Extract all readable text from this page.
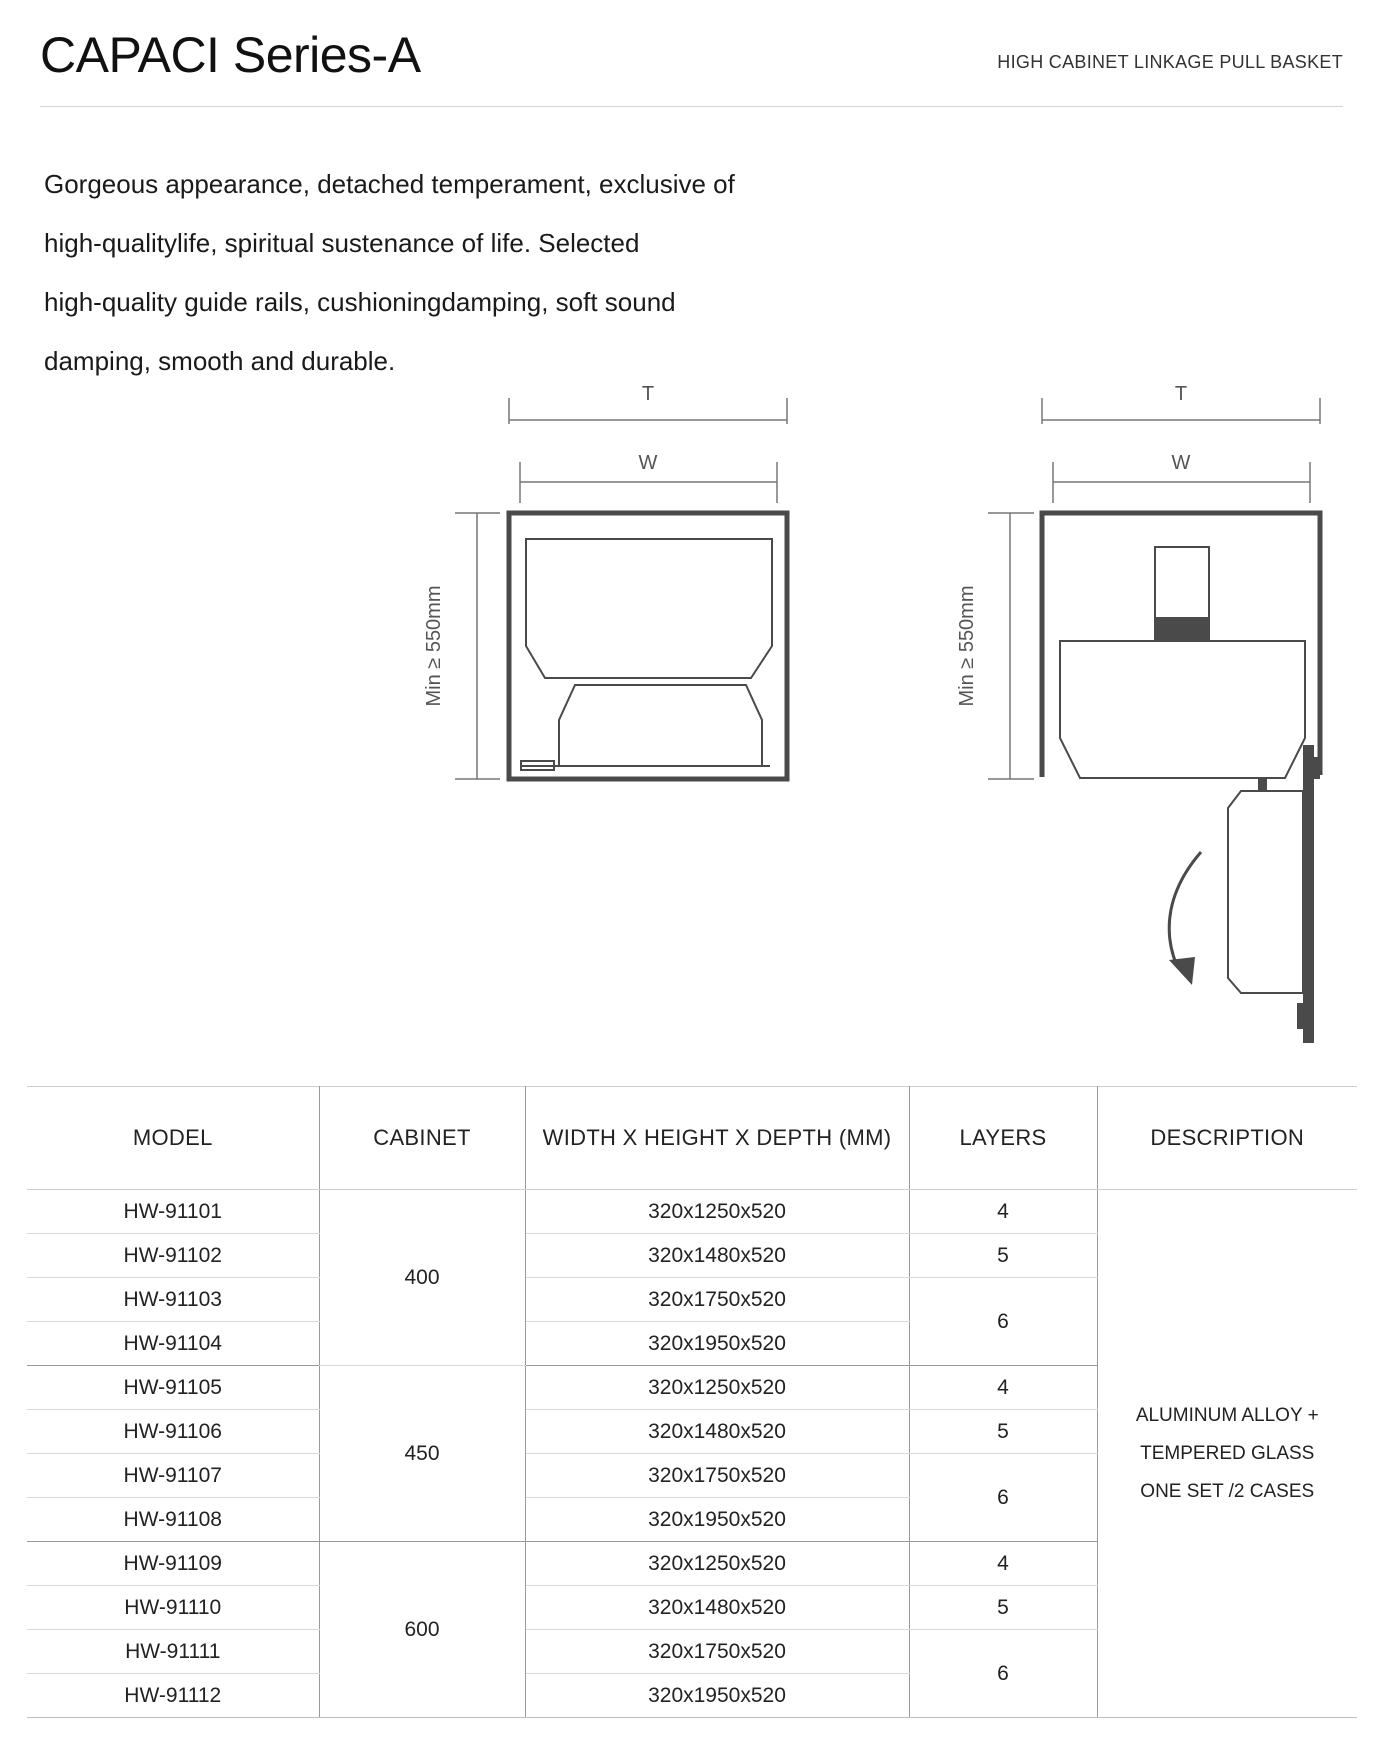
CAPACI Series-A	HIGH CABINET LINKAGE PULL BASKET
Gorgeous appearance, detached temperament, exclusive of
high-qualitylife, spiritual sustenance of life. Selected
high-quality guide rails, cushioningdamping, soft sound
damping, smooth and durable.
T
W
Min ≥ 550mm
T
W
Min ≥ 550mm
MODEL	CABINET	WIDTH X HEIGHT X DEPTH (MM)	LAYERS	DESCRIPTION
HW-91101	400	320x1250x520	4	ALUMINUM ALLOY +
TEMPERED GLASS
ONE SET /2 CASES

HW-91102		320x1480x520	5	
HW-91103		320x1750x520	6	
HW-91104		320x1950x520		
HW-91105	450	320x1250x520	4	
HW-91106		320x1480x520	5	
HW-91107		320x1750x520	6	
HW-91108		320x1950x520		
HW-91109	600	320x1250x520	4	
HW-91110		320x1480x520	5	
HW-91111		320x1750x520	6	
HW-91112		320x1950x520		
